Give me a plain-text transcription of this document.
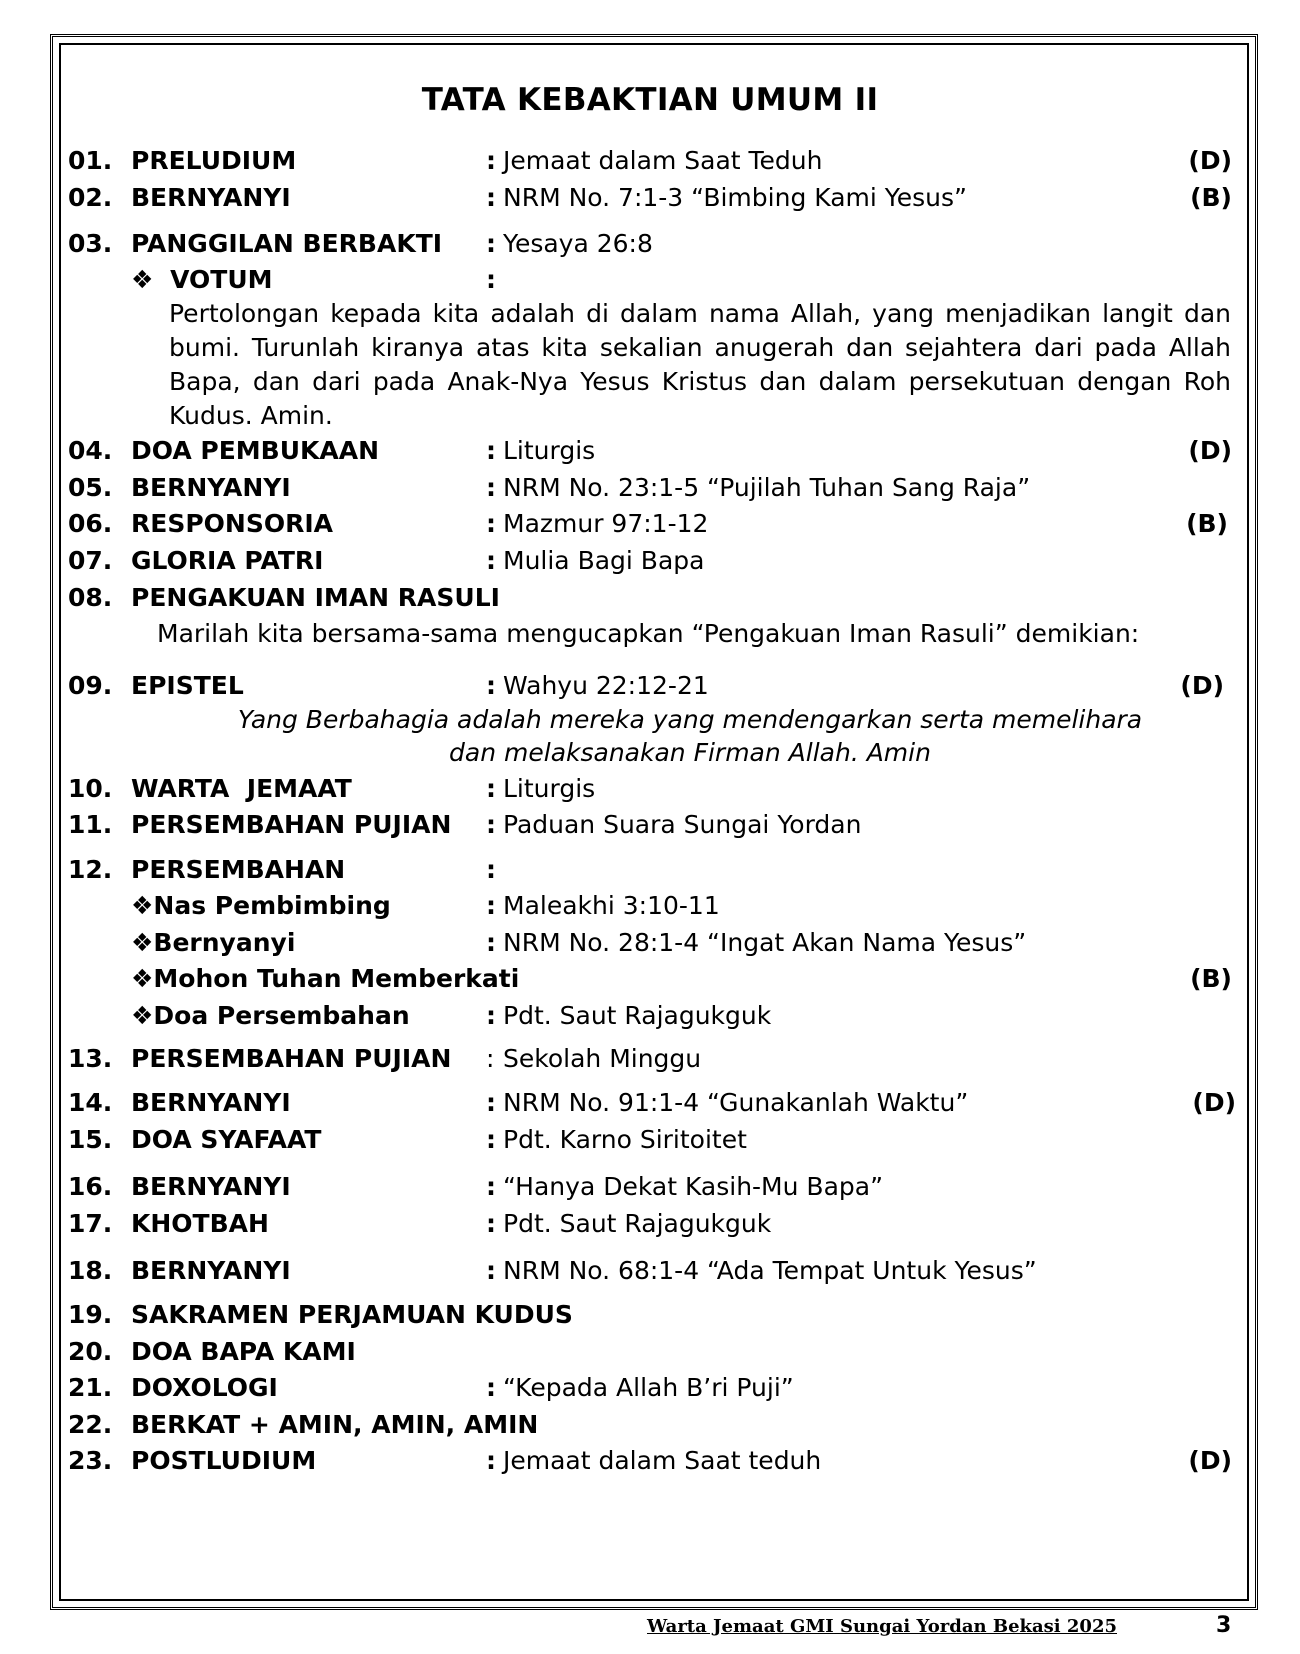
TATA KEBAKTIAN UMUM II
01. PRELUDIUM	: Jemaat dalam Saat Teduh	(D)
02. BERNYANYI	: NRM No. 7:1-3 “Bimbing Kami Yesus”	(B)
03. PANGGILAN BERBAKTI : Yesaya 26:8
❖ VOTUM	:
Pertolongan kepada kita adalah di dalam nama Allah, yang menjadikan langit dan bumi. Turunlah kiranya atas kita sekalian anugerah dan sejahtera dari pada Allah Bapa, dan dari pada Anak-Nya Yesus Kristus dan dalam persekutuan dengan Roh Kudus. Amin.
04. DOA PEMBUKAAN	: Liturgis	(D)
05. BERNYANYI	: NRM No. 23:1-5 “Pujilah Tuhan Sang Raja”
06. RESPONSORIA	: Mazmur 97:1-12	(B)
07. GLORIA PATRI	: Mulia Bagi Bapa
08. PENGAKUAN IMAN RASULI
Marilah kita bersama-sama mengucapkan “Pengakuan Iman Rasuli” demikian:
09. EPISTEL	: Wahyu 22:12-21	(D)
Yang Berbahagia adalah mereka yang mendengarkan serta memelihara
dan melaksanakan Firman Allah. Amin
10. WARTA  JEMAAT	: Liturgis
11. PERSEMBAHAN PUJIAN : Paduan Suara Sungai Yordan
12. PERSEMBAHAN	:
❖Nas Pembimbing	: Maleakhi 3:10-11
❖Bernyanyi	: NRM No. 28:1-4 “Ingat Akan Nama Yesus”
❖Mohon Tuhan Memberkati	(B)
❖Doa Persembahan	: Pdt. Saut Rajagukguk
13. PERSEMBAHAN PUJIAN : Sekolah Minggu
14. BERNYANYI	: NRM No. 91:1-4 “Gunakanlah Waktu”	(D)
15. DOA SYAFAAT	: Pdt. Karno Siritoitet
16. BERNYANYI	: “Hanya Dekat Kasih-Mu Bapa”
17. KHOTBAH	: Pdt. Saut Rajagukguk
18. BERNYANYI	: NRM No. 68:1-4 “Ada Tempat Untuk Yesus”
19. SAKRAMEN PERJAMUAN KUDUS
20. DOA BAPA KAMI
21. DOXOLOGI	: “Kepada Allah B’ri Puji”
22. BERKAT + AMIN, AMIN, AMIN
23. POSTLUDIUM	: Jemaat dalam Saat teduh	(D)
Warta Jemaat GMI Sungai Yordan Bekasi 2025	3
